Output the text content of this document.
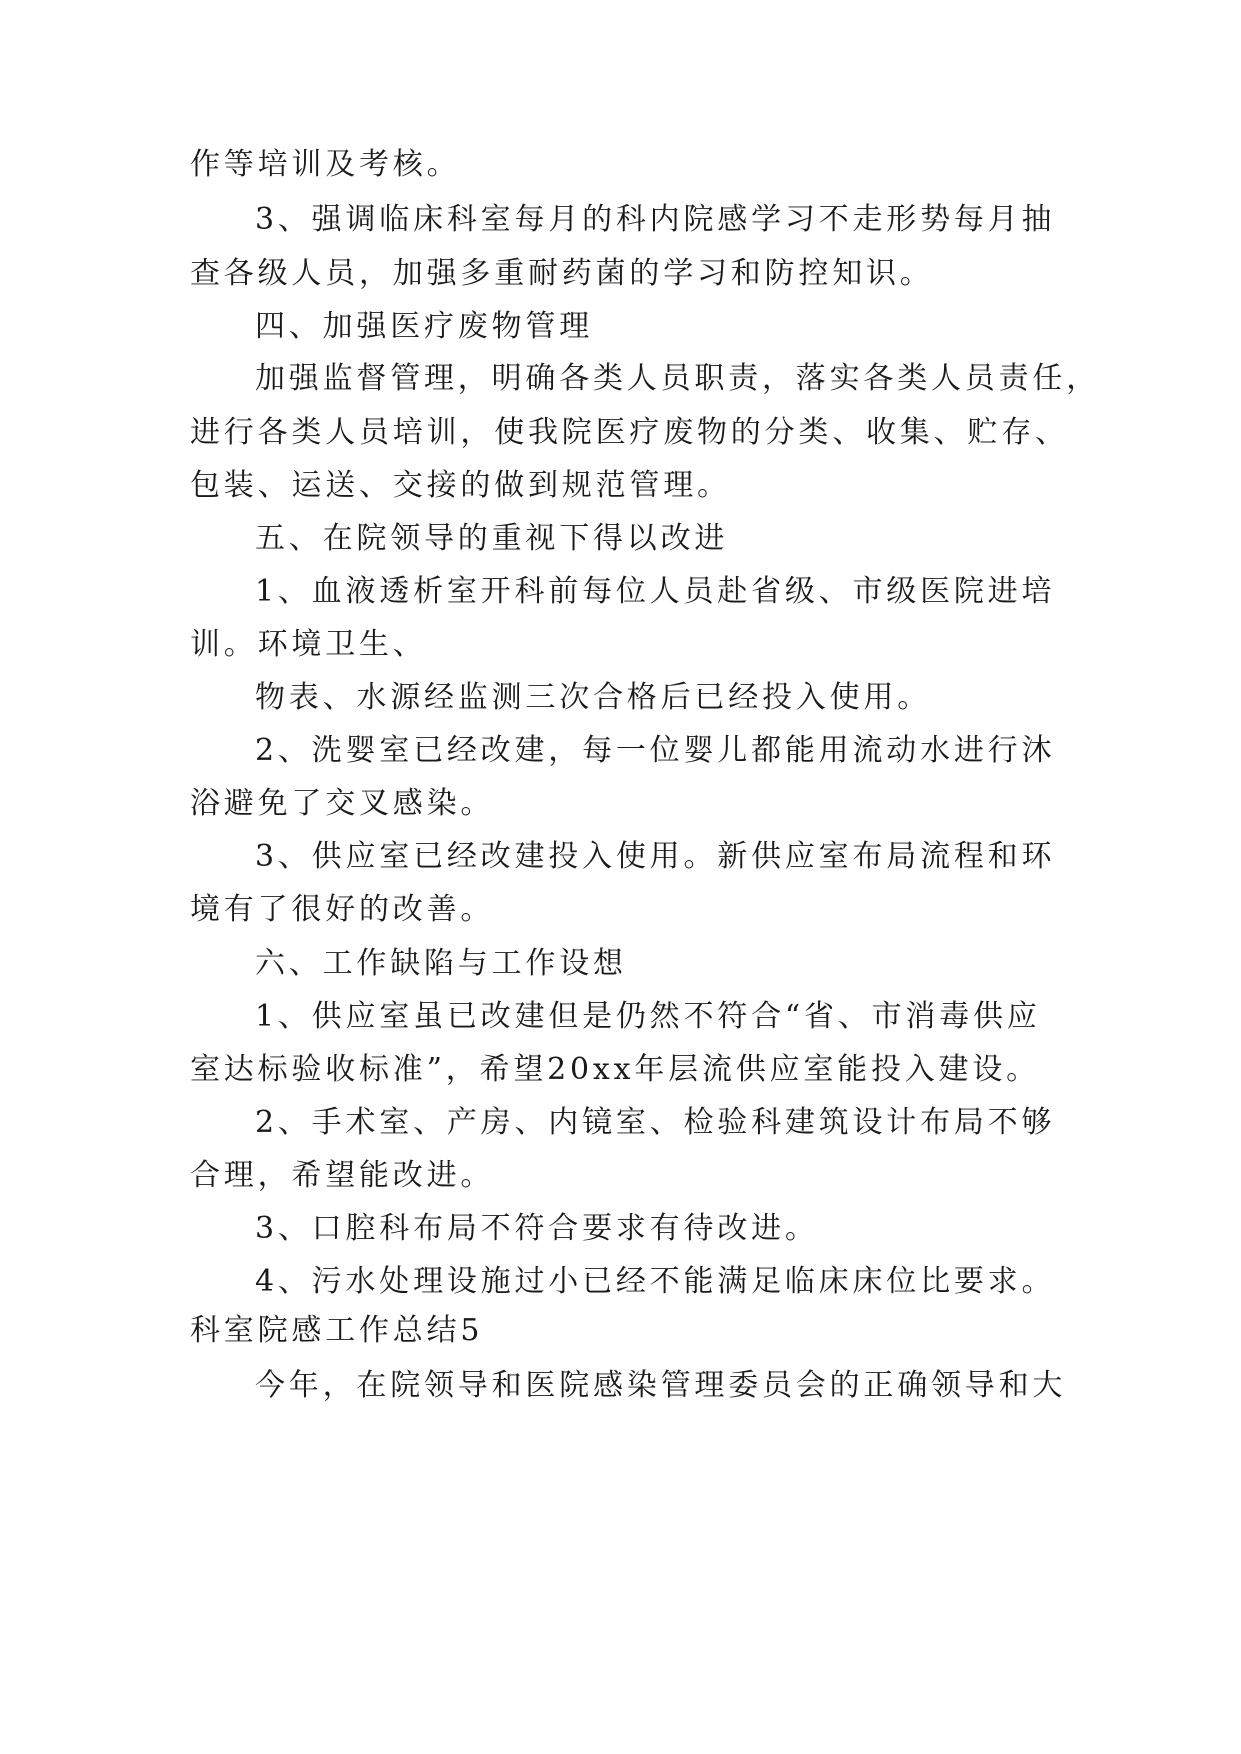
作等培训及考核。
3、强调临床科室每月的科内院感学习不走形势每月抽
查各级人员，加强多重耐药菌的学习和防控知识。
四、加强医疗废物管理
加强监督管理，明确各类人员职责，落实各类人员责任，
进行各类人员培训，使我院医疗废物的分类、收集、贮存、
包装、运送、交接的做到规范管理。
五、在院领导的重视下得以改进
1、血液透析室开科前每位人员赴省级、市级医院进培
训。环境卫生、
物表、水源经监测三次合格后已经投入使用。
2、洗婴室已经改建，每一位婴儿都能用流动水进行沐
浴避免了交叉感染。
3、供应室已经改建投入使用。新供应室布局流程和环
境有了很好的改善。
六、工作缺陷与工作设想
1、供应室虽已改建但是仍然不符合“省、市消毒供应
室达标验收标准”，希望20xx年层流供应室能投入建设。
2、手术室、产房、内镜室、检验科建筑设计布局不够
合理，希望能改进。
3、口腔科布局不符合要求有待改进。
4、污水处理设施过小已经不能满足临床床位比要求。
科室院感工作总结5
今年，在院领导和医院感染管理委员会的正确领导和大
